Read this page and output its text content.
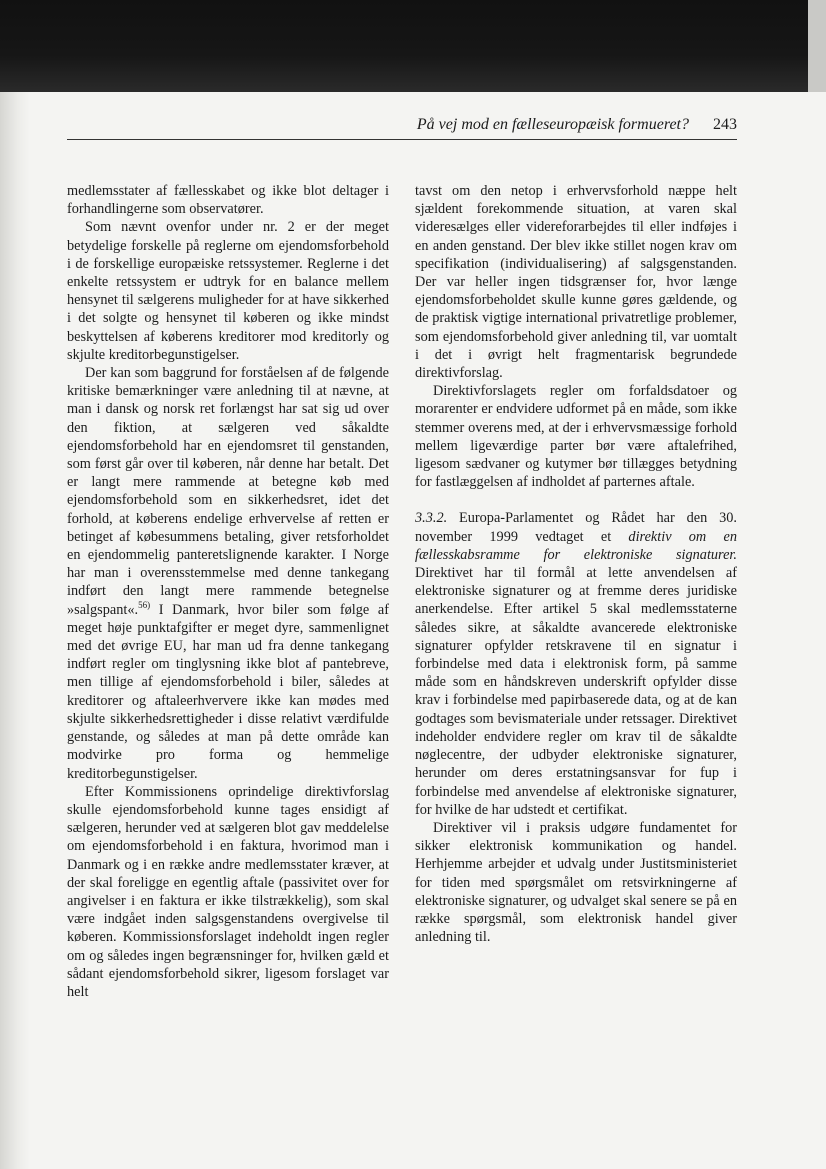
På vej mod en fælleseuropæisk formueret? 243

medlemsstater af fællesskabet og ikke blot deltager i forhandlingerne som observatører.

Som nævnt ovenfor under nr. 2 er der meget betydelige forskelle på reglerne om ejendomsforbehold i de forskellige europæiske retssystemer. Reglerne i det enkelte retssystem er udtryk for en balance mellem hensynet til sælgerens muligheder for at have sikkerhed i det solgte og hensynet til køberen og ikke mindst beskyttelsen af køberens kreditorer mod kreditorly og skjulte kreditorbegunstigelser.

Der kan som baggrund for forståelsen af de følgende kritiske bemærkninger være anledning til at nævne, at man i dansk og norsk ret forlængst har sat sig ud over den fiktion, at sælgeren ved såkaldte ejendomsforbehold har en ejendomsret til genstanden, som først går over til køberen, når denne har betalt. Det er langt mere rammende at betegne køb med ejendomsforbehold som en sikkerhedsret, idet det forhold, at køberens endelige erhvervelse af retten er betinget af købesummens betaling, giver retsforholdet en ejendommelig panteretslignende karakter. I Norge har man i overensstemmelse med denne tankegang indført den langt mere rammende betegnelse »salgspant«.$^{56)}$ I Danmark, hvor biler som følge af meget høje punktafgifter er meget dyre, sammenlignet med det øvrige EU, har man ud fra denne tankegang indført regler om tinglysning ikke blot af pantebreve, men tillige af ejendomsforbehold i biler, således at kreditorer og aftaleerhververe ikke kan mødes med skjulte sikkerhedsrettigheder i disse relativt værdifulde genstande, og således at man på dette område kan modvirke pro forma og hemmelige kreditorbegunstigelser.

Efter Kommissionens oprindelige direktivforslag skulle ejendomsforbehold kunne tages ensidigt af sælgeren, herunder ved at sælgeren blot gav meddelelse om ejendomsforbehold i en faktura, hvorimod man i Danmark og i en række andre medlemsstater kræver, at der skal foreligge en egentlig aftale (passivitet over for angivelser i en faktura er ikke tilstrækkelig), som skal være indgået inden salgsgenstandens overgivelse til køberen. Kommissionsforslaget indeholdt ingen regler om og således ingen begrænsninger for, hvilken gæld et sådant ejendomsforbehold sikrer, ligesom forslaget var helt

tavst om den netop i erhvervsforhold næppe helt sjældent forekommende situation, at varen skal videresælges eller videreforarbejdes til eller indføjes i en anden genstand. Der blev ikke stillet nogen krav om specifikation (individualisering) af salgsgenstanden. Der var heller ingen tidsgrænser for, hvor længe ejendomsforbeholdet skulle kunne gøres gældende, og de praktisk vigtige international privatretlige problemer, som ejendomsforbehold giver anledning til, var uomtalt i det i øvrigt helt fragmentarisk begrundede direktivforslag.

Direktivforslagets regler om forfaldsdatoer og morarenter er endvidere udformet på en måde, som ikke stemmer overens med, at der i erhvervsmæssige forhold mellem ligeværdige parter bør være aftalefrihed, ligesom sædvaner og kutymer bør tillægges betydning for fastlæggelsen af indholdet af parternes aftale.

3.3.2. Europa-Parlamentet og Rådet har den 30. november 1999 vedtaget et direktiv om en fællesskabsramme for elektroniske signaturer. Direktivet har til formål at lette anvendelsen af elektroniske signaturer og at fremme deres juridiske anerkendelse. Efter artikel 5 skal medlemsstaterne således sikre, at såkaldte avancerede elektroniske signaturer opfylder retskravene til en signatur i forbindelse med data i elektronisk form, på samme måde som en håndskreven underskrift opfylder disse krav i forbindelse med papirbaserede data, og at de kan godtages som bevismateriale under retssager. Direktivet indeholder endvidere regler om krav til de såkaldte nøglecentre, der udbyder elektroniske signaturer, herunder om deres erstatningsansvar for fup i forbindelse med anvendelse af elektroniske signaturer, for hvilke de har udstedt et certifikat.

Direktiver vil i praksis udgøre fundamentet for sikker elektronisk kommunikation og handel. Herhjemme arbejder et udvalg under Justitsministeriet for tiden med spørgsmålet om retsvirkningerne af elektroniske signaturer, og udvalget skal senere se på en række spørgsmål, som elektronisk handel giver anledning til.
